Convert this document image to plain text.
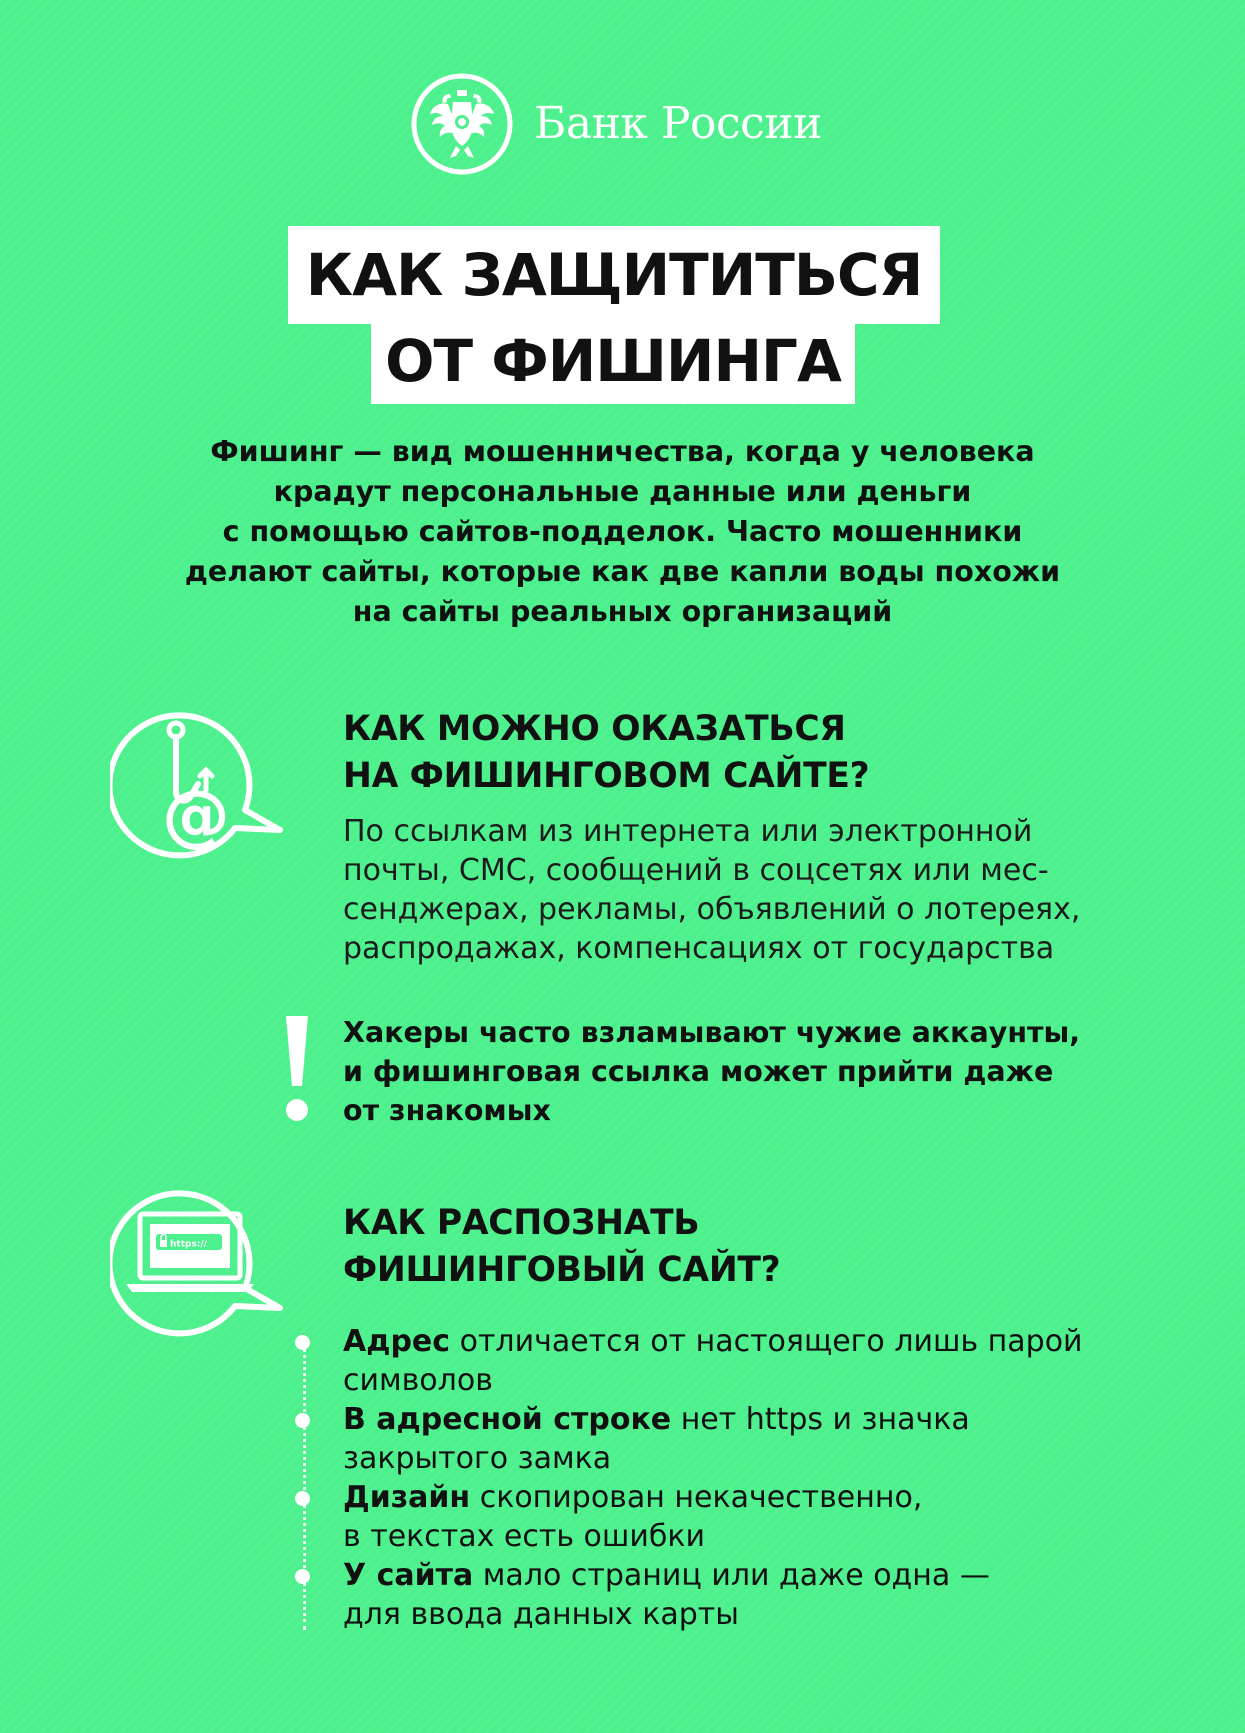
Банк России
КАК ЗАЩИТИТЬСЯ
ОТ ФИШИНГА

Фишинг — вид мошенничества, когда у человека
крадут персональные данные или деньги
с помощью сайтов-подделок. Часто мошенники
делают сайты, которые как две капли воды похожи
на сайты реальных организаций

@
КАК МОЖНО ОКАЗАТЬСЯ
НА ФИШИНГОВОМ САЙТЕ?

По ссылкам из интернета или электронной
почты, СМС, сообщений в соцсетях или мес-
сенджерах, рекламы, объявлений о лотереях,
распродажах, компенсациях от государства

Хакеры часто взламывают чужие аккаунты,
и фишинговая ссылка может прийти даже
от знакомых

https://
КАК РАСПОЗНАТЬ
ФИШИНГОВЫЙ САЙТ?
Адрес отличается от настоящего лишь парой
символов
В адресной строке нет https и значка
закрытого замка
Дизайн скопирован некачественно,
в текстах есть ошибки
У сайта мало страниц или даже одна —
для ввода данных карты
